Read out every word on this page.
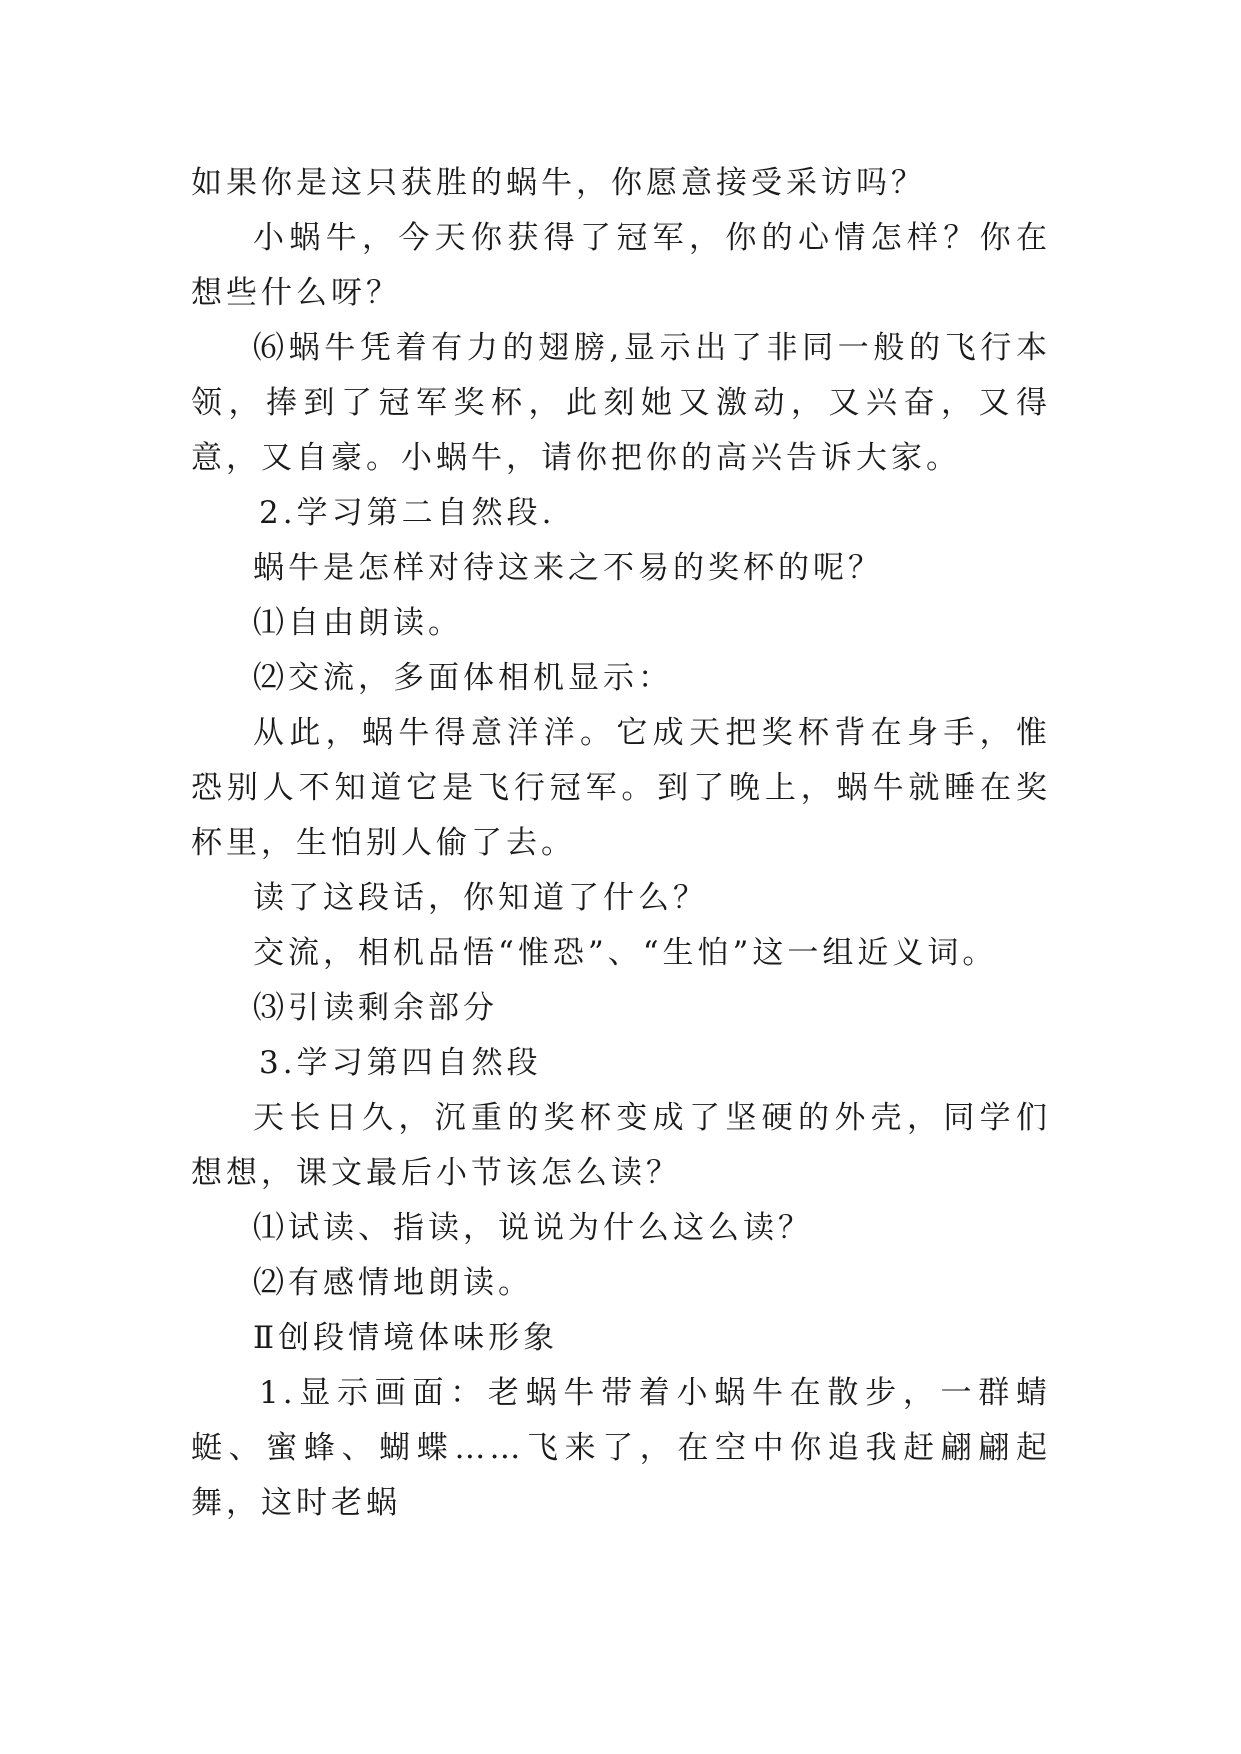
如果你是这只获胜的蜗牛，你愿意接受采访吗？

小蜗牛，今天你获得了冠军，你的心情怎样？你在想些什么呀？

⑹蜗牛凭着有力的翅膀,显示出了非同一般的飞行本领，捧到了冠军奖杯，此刻她又激动，又兴奋，又得意，又自豪。小蜗牛，请你把你的高兴告诉大家。

2.学习第二自然段.

蜗牛是怎样对待这来之不易的奖杯的呢？

⑴自由朗读。

⑵交流，多面体相机显示：

从此，蜗牛得意洋洋。它成天把奖杯背在身手，惟恐别人不知道它是飞行冠军。到了晚上，蜗牛就睡在奖杯里，生怕别人偷了去。

读了这段话，你知道了什么？

交流，相机品悟“惟恐”、“生怕”这一组近义词。

⑶引读剩余部分

3.学习第四自然段

天长日久，沉重的奖杯变成了坚硬的外壳，同学们想想，课文最后小节该怎么读？

⑴试读、指读，说说为什么这么读？

⑵有感情地朗读。

Ⅱ创段情境体味形象

1.显示画面：老蜗牛带着小蜗牛在散步，一群蜻蜓、蜜蜂、蝴蝶……飞来了，在空中你追我赶翩翩起舞，这时老蜗
